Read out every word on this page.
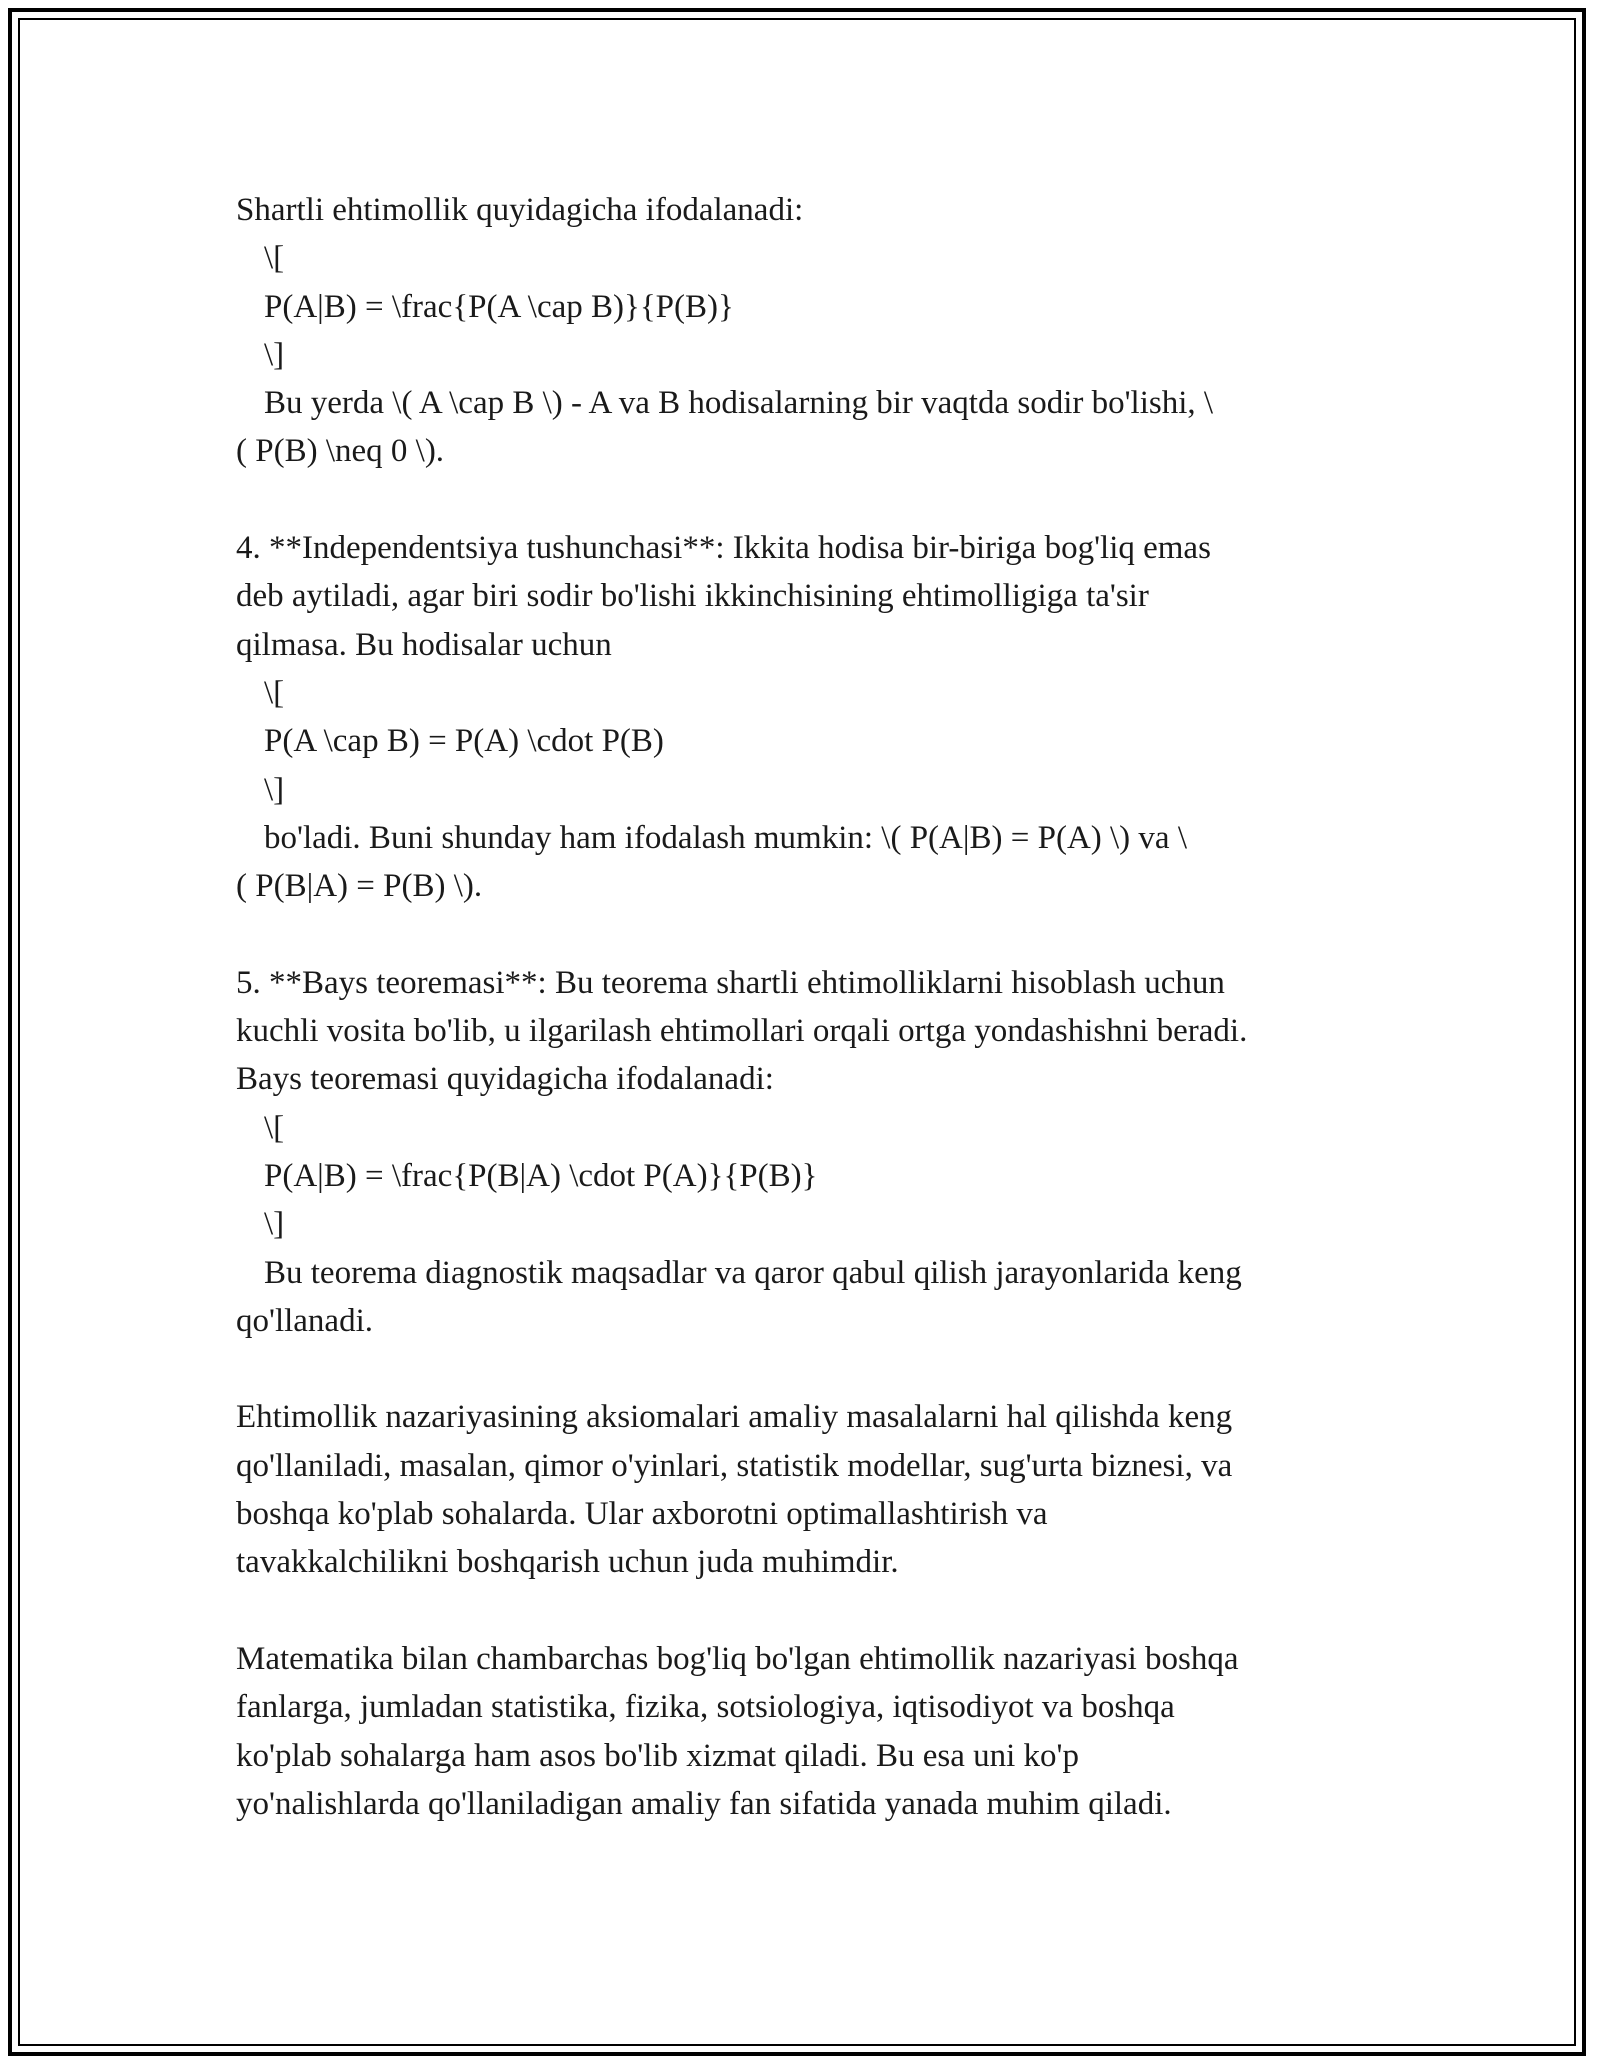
Shartli ehtimollik quyidagicha ifodalanadi:

\[

P(A|B) = \frac{P(A \cap B)}{P(B)}

\]

Bu yerda \( A \cap B \) - A va B hodisalarning bir vaqtda sodir bo'lishi, \

( P(B) \neq 0 \).

4. **Independentsiya tushunchasi**: Ikkita hodisa bir-biriga bog'liq emas

deb aytiladi, agar biri sodir bo'lishi ikkinchisining ehtimolligiga ta'sir

qilmasa. Bu hodisalar uchun

\[

P(A \cap B) = P(A) \cdot P(B)

\]

bo'ladi. Buni shunday ham ifodalash mumkin: \( P(A|B) = P(A) \) va \

( P(B|A) = P(B) \).

5. **Bays teoremasi**: Bu teorema shartli ehtimolliklarni hisoblash uchun

kuchli vosita bo'lib, u ilgarilash ehtimollari orqali ortga yondashishni beradi.

Bays teoremasi quyidagicha ifodalanadi:

\[

P(A|B) = \frac{P(B|A) \cdot P(A)}{P(B)}

\]

Bu teorema diagnostik maqsadlar va qaror qabul qilish jarayonlarida keng

qo'llanadi.

Ehtimollik nazariyasining aksiomalari amaliy masalalarni hal qilishda keng

qo'llaniladi, masalan, qimor o'yinlari, statistik modellar, sug'urta biznesi, va

boshqa ko'plab sohalarda. Ular axborotni optimallashtirish va

tavakkalchilikni boshqarish uchun juda muhimdir.

Matematika bilan chambarchas bog'liq bo'lgan ehtimollik nazariyasi boshqa

fanlarga, jumladan statistika, fizika, sotsiologiya, iqtisodiyot va boshqa

ko'plab sohalarga ham asos bo'lib xizmat qiladi. Bu esa uni ko'p

yo'nalishlarda qo'llaniladigan amaliy fan sifatida yanada muhim qiladi.
